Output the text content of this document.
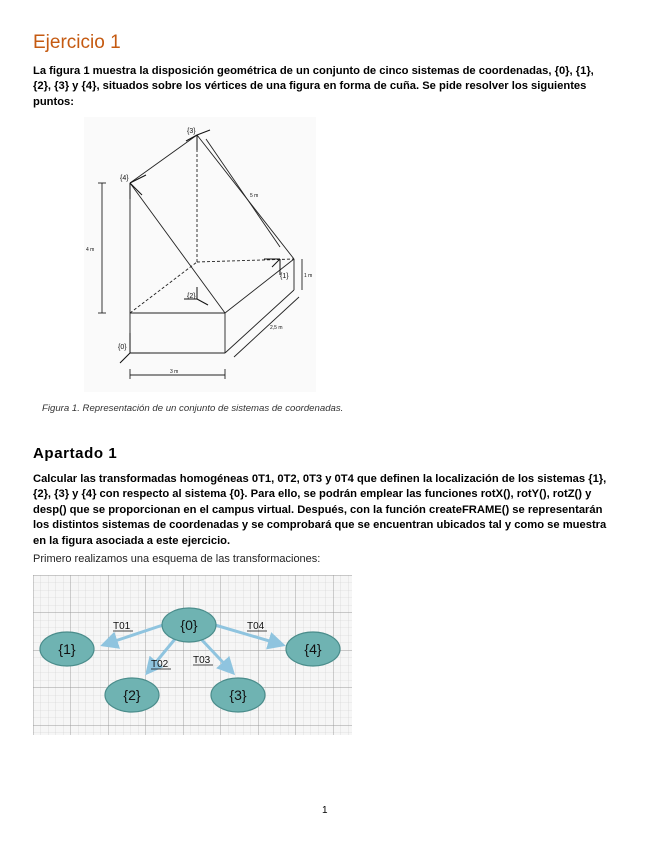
Ejercicio 1
La figura 1 muestra la disposición geométrica de un conjunto de cinco sistemas de coordenadas, {0}, {1}, {2}, {3} y {4}, situados sobre los vértices de una figura en forma de cuña. Se pide resolver los siguientes puntos:
{3}
{4}
{1}
{2}
{0}
5 m
4 m
1 m
2,5 m
3 m
Figura 1. Representación de un conjunto de sistemas de coordenadas.
Apartado 1
Calcular las transformadas homogéneas 0T1, 0T2, 0T3 y 0T4 que definen la localización de los sistemas {1}, {2}, {3} y {4} con respecto al sistema {0}. Para ello, se podrán emplear las funciones rotX(), rotY(), rotZ() y desp() que se proporcionan en el campus virtual. Después, con la función createFRAME() se representarán los distintos sistemas de coordenadas y se comprobará que se encuentran ubicados tal y como se muestra en la figura asociada a este ejercicio.
Primero realizamos una esquema de las transformaciones:
T01
T02 T03
T04
{0}
{1}
{2}	{3}
{4}
1
